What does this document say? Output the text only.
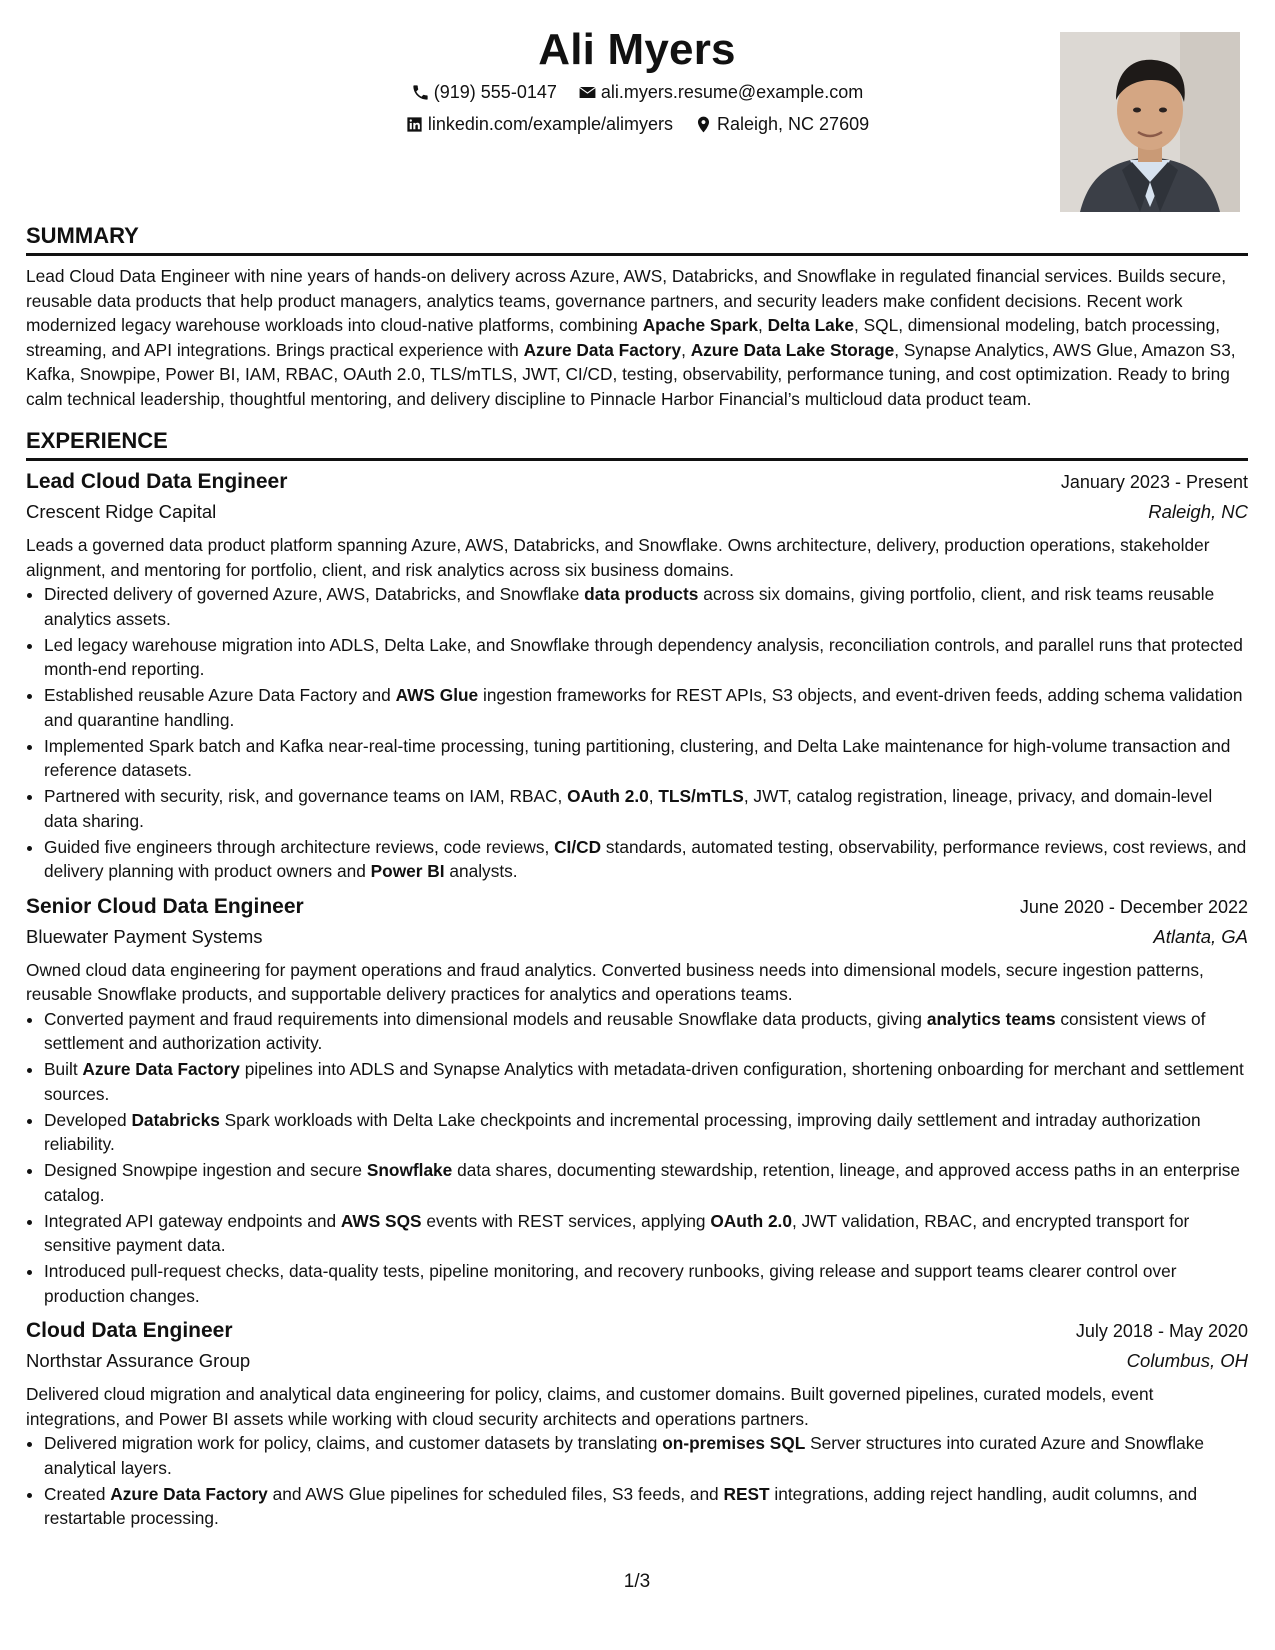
Ali Myers
(919) 555-0147
ali.myers.resume@example.com
linkedin.com/example/alimyers
Raleigh, NC 27609
SUMMARY

Lead Cloud Data Engineer with nine years of hands-on delivery across Azure, AWS, Databricks, and Snowflake in regulated financial services. Builds secure, reusable data products that help product managers, analytics teams, governance partners, and security leaders make confident decisions. Recent work modernized legacy warehouse workloads into cloud-native platforms, combining Apache Spark, Delta Lake, SQL, dimensional modeling, batch processing, streaming, and API integrations. Brings practical experience with Azure Data Factory, Azure Data Lake Storage, Synapse Analytics, AWS Glue, Amazon S3, Kafka, Snowpipe, Power BI, IAM, RBAC, OAuth 2.0, TLS/mTLS, JWT, CI/CD, testing, observability, performance tuning, and cost optimization. Ready to bring calm technical leadership, thoughtful mentoring, and delivery discipline to Pinnacle Harbor Financial’s multicloud data product team.

EXPERIENCE
Lead Cloud Data Engineer	January 2023 - Present
Crescent Ridge Capital	Raleigh, NC

Leads a governed data product platform spanning Azure, AWS, Databricks, and Snowflake. Owns architecture, delivery, production operations, stakeholder alignment, and mentoring for portfolio, client, and risk analytics across six business domains.

• Directed delivery of governed Azure, AWS, Databricks, and Snowflake data products across six domains, giving portfolio, client, and risk teams reusable analytics assets.
• Led legacy warehouse migration into ADLS, Delta Lake, and Snowflake through dependency analysis, reconciliation controls, and parallel runs that protected month-end reporting.
• Established reusable Azure Data Factory and AWS Glue ingestion frameworks for REST APIs, S3 objects, and event-driven feeds, adding schema validation and quarantine handling.
• Implemented Spark batch and Kafka near-real-time processing, tuning partitioning, clustering, and Delta Lake maintenance for high-volume transaction and reference datasets.
• Partnered with security, risk, and governance teams on IAM, RBAC, OAuth 2.0, TLS/mTLS, JWT, catalog registration, lineage, privacy, and domain-level data sharing.
• Guided five engineers through architecture reviews, code reviews, CI/CD standards, automated testing, observability, performance reviews, cost reviews, and delivery planning with product owners and Power BI analysts.
Senior Cloud Data Engineer	June 2020 - December 2022
Bluewater Payment Systems	Atlanta, GA

Owned cloud data engineering for payment operations and fraud analytics. Converted business needs into dimensional models, secure ingestion patterns, reusable Snowflake products, and supportable delivery practices for analytics and operations teams.

• Converted payment and fraud requirements into dimensional models and reusable Snowflake data products, giving analytics teams consistent views of settlement and authorization activity.
• Built Azure Data Factory pipelines into ADLS and Synapse Analytics with metadata-driven configuration, shortening onboarding for merchant and settlement sources.
• Developed Databricks Spark workloads with Delta Lake checkpoints and incremental processing, improving daily settlement and intraday authorization reliability.
• Designed Snowpipe ingestion and secure Snowflake data shares, documenting stewardship, retention, lineage, and approved access paths in an enterprise catalog.
• Integrated API gateway endpoints and AWS SQS events with REST services, applying OAuth 2.0, JWT validation, RBAC, and encrypted transport for sensitive payment data.
• Introduced pull-request checks, data-quality tests, pipeline monitoring, and recovery runbooks, giving release and support teams clearer control over production changes.
Cloud Data Engineer	July 2018 - May 2020
Northstar Assurance Group	Columbus, OH

Delivered cloud migration and analytical data engineering for policy, claims, and customer domains. Built governed pipelines, curated models, event integrations, and Power BI assets while working with cloud security architects and operations partners.

• Delivered migration work for policy, claims, and customer datasets by translating on-premises SQL Server structures into curated Azure and Snowflake analytical layers.
• Created Azure Data Factory and AWS Glue pipelines for scheduled files, S3 feeds, and REST integrations, adding reject handling, audit columns, and restartable processing.
1/3
